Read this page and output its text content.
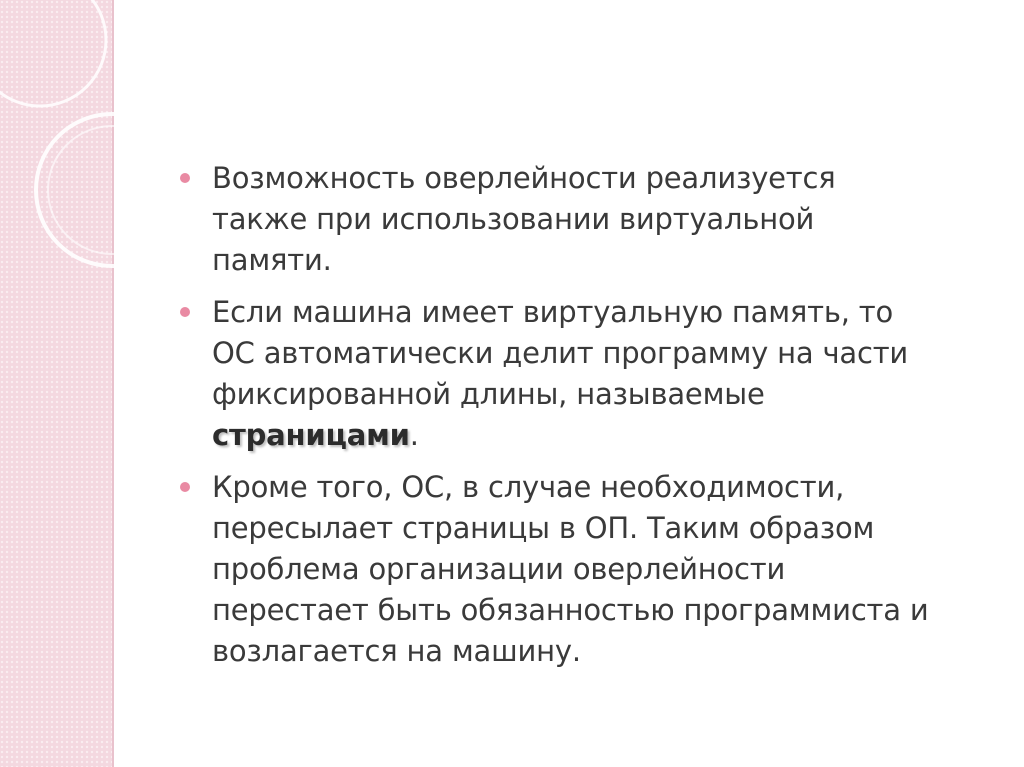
Возможность оверлейности реализуется
также при использовании виртуальной
памяти.
Если машина имеет виртуальную память, то
ОС автоматически делит программу на части
фиксированной длины, называемые
страницами.
Кроме того, ОС, в случае необходимости,
пересылает страницы в ОП. Таким образом
проблема организации оверлейности
перестает быть обязанностью программиста и
возлагается на машину.
